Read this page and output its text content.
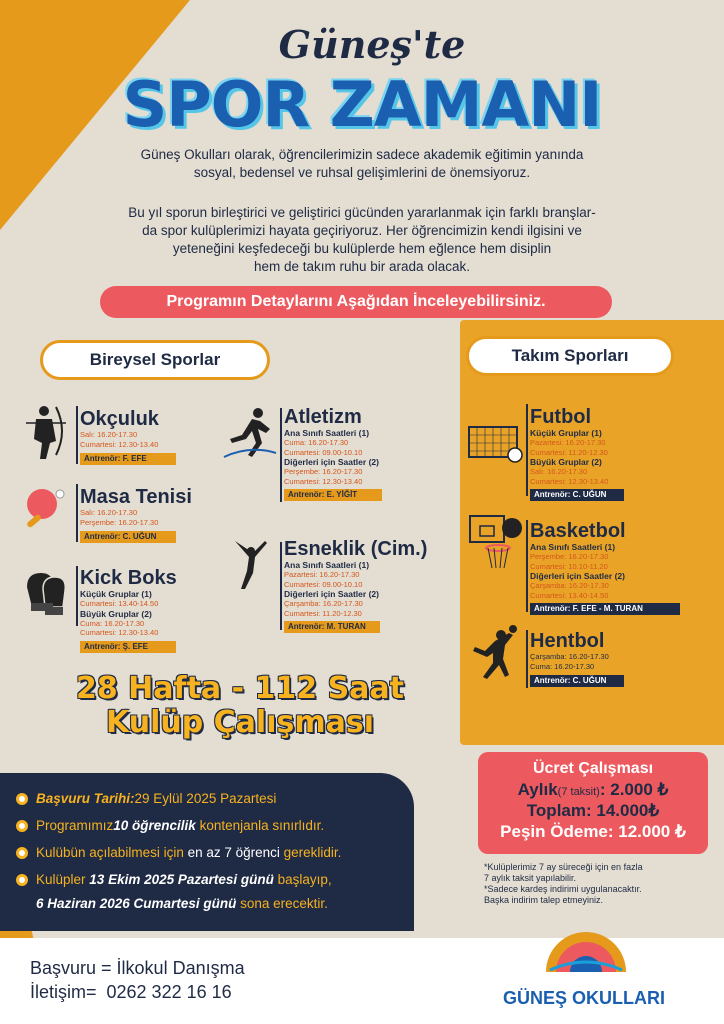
Güneş'te
SPOR ZAMANI
Güneş Okulları olarak, öğrencilerimizin sadece akademik eğitimin yanında
sosyal, bedensel ve ruhsal gelişimlerini de önemsiyoruz.
Bu yıl sporun birleştirici ve geliştirici gücünden yararlanmak için farklı branşlar-
da spor kulüplerimizi hayata geçiriyoruz. Her öğrencimizin kendi ilgisini ve
yeteneğini keşfedeceği bu kulüplerde hem eğlence hem disiplin
hem de takım ruhu bir arada olacak.
Programın Detaylarını Aşağıdan İnceleyebilirsiniz.
Bireysel Sporlar	Takım Sporları
Okçuluk
Salı: 16.20-17.30
Cumartesi: 12.30-13.40
Antrenör: F. EFE
Masa Tenisi
Salı: 16.20-17.30
Perşembe: 16.20-17.30
Antrenör: C. UĞUN
Kick Boks
Küçük Gruplar (1)
Cumartesi: 13.40-14.50
Büyük Gruplar (2)
Cuma: 16.20-17.30
Cumartesi: 12.30-13.40
Antrenör: Ş. EFE
Atletizm
Ana Sınıfı Saatleri (1)
Cuma: 16.20-17.30
Cumartesi: 09.00-10.10
Diğerleri için Saatler (2)
Perşembe: 16.20-17.30
Cumartesi: 12.30-13.40
Antrenör: E. YİĞİT
Esneklik (Cim.)
Ana Sınıfı Saatleri (1)
Pazartesi: 16.20-17.30
Cumartesi: 09.00-10.10
Diğerleri için Saatler (2)
Çarşamba: 16.20-17.30
Cumartesi: 11.20-12.30
Antrenör: M. TURAN
Futbol
Küçük Gruplar (1)
Pazartesi: 16.20-17.30
Cumartesi: 11.20-12.30
Büyük Gruplar (2)
Salı: 16.20-17.30
Cumartesi: 12.30-13.40
Antrenör: C. UĞUN
Basketbol
Ana Sınıfı Saatleri (1)
Perşembe: 16.20-17.30
Cumartesi: 10.10-11.20
Diğerleri için Saatler (2)
Çarşamba: 16.20-17.30
Cumartesi: 13.40-14.50
Antrenör: F. EFE - M. TURAN
Hentbol
Çarşamba: 16.20-17.30
Cuma: 16.20-17.30
Antrenör: C. UĞUN
28 Hafta - 112 Saat
Kulüp Çalışması
Başvuru Tarihi: 29 Eylül 2025 Pazartesi
Programımız 10 öğrencilik kontenjanla sınırlıdır.
Kulübün açılabilmesi için en az 7 öğrenci gereklidir.
Kulüpler 13 Ekim 2025 Pazartesi günü başlayıp,
6 Haziran 2026 Cumartesi günü sona erecektir.
Ücret Çalışması
Aylık(7 taksit): 2.000 ₺
Toplam: 14.000₺
Peşin Ödeme: 12.000 ₺
*Kulüplerimiz 7 ay süreceği için en fazla
7 aylık taksit yapılabilir.
*Sadece kardeş indirimi uygulanacaktır.
Başka indirim talep etmeyiniz.
Başvuru = İlkokul Danışma
İletişim=  0262 322 16 16	GÜNEŞ OKULLARI
